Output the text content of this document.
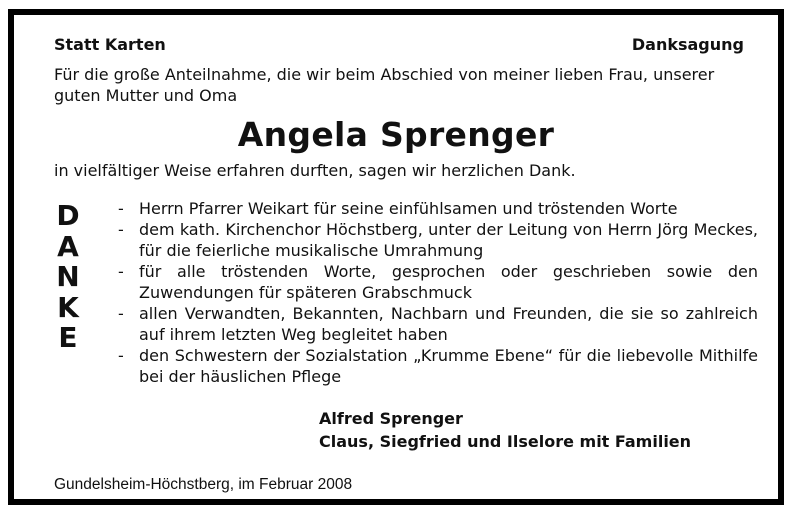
Statt Karten	Danksagung
Für die große Anteilnahme, die wir beim Abschied von meiner lieben Frau, unserer
guten Mutter und Oma
Angela Sprenger
in vielfältiger Weise erfahren durften, sagen wir herzlichen Dank.
D
A
N
K
E
- Herrn Pfarrer Weikart für seine einfühlsamen und tröstenden Worte
- dem kath. Kirchenchor Höchstberg, unter der Leitung von Herrn Jörg Meckes, für die feierliche musikalische Umrahmung
- für alle tröstenden Worte, gesprochen oder geschrieben sowie den Zuwendungen für späteren Grabschmuck
- allen Verwandten, Bekannten, Nachbarn und Freunden, die sie so zahlreich auf ihrem letzten Weg begleitet haben
- den Schwestern der Sozialstation „Krumme Ebene“ für die liebevolle Mithilfe bei der häuslichen Pflege
Alfred Sprenger
Claus, Siegfried und Ilselore mit Familien
Gundelsheim-Höchstberg, im Februar 2008
